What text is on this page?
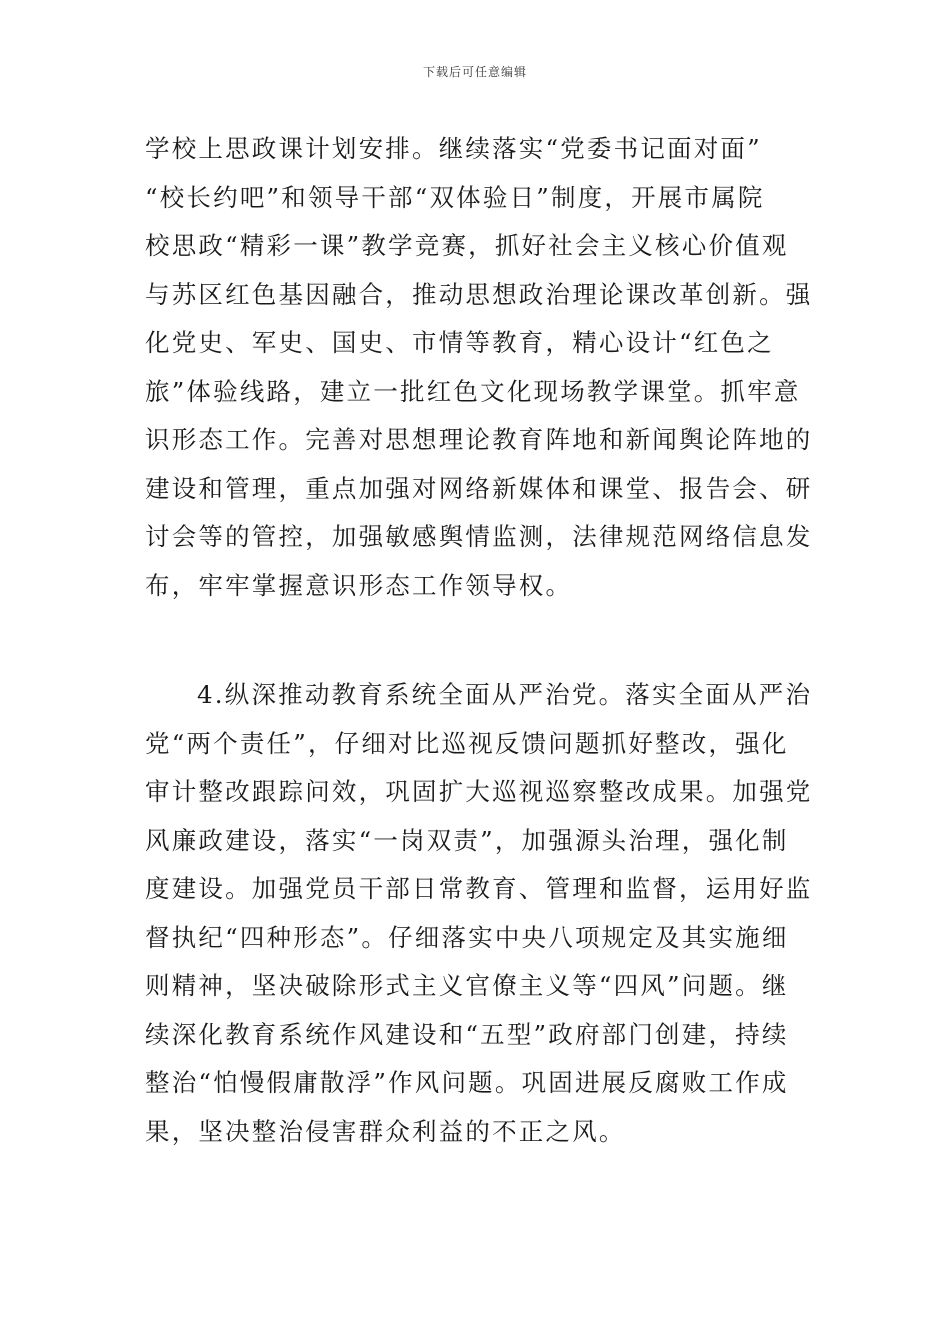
下载后可任意编辑
学校上思政课计划安排。继续落实“党委书记面对面”
“校长约吧”和领导干部“双体验日”制度，开展市属院
校思政“精彩一课”教学竞赛，抓好社会主义核心价值观
与苏区红色基因融合，推动思想政治理论课改革创新。强
化党史、军史、国史、市情等教育，精心设计“红色之
旅”体验线路，建立一批红色文化现场教学课堂。抓牢意
识形态工作。完善对思想理论教育阵地和新闻舆论阵地的
建设和管理，重点加强对网络新媒体和课堂、报告会、研
讨会等的管控，加强敏感舆情监测，法律规范网络信息发
布，牢牢掌握意识形态工作领导权。
4.纵深推动教育系统全面从严治党。落实全面从严治
党“两个责任”，仔细对比巡视反馈问题抓好整改，强化
审计整改跟踪问效，巩固扩大巡视巡察整改成果。加强党
风廉政建设，落实“一岗双责”，加强源头治理，强化制
度建设。加强党员干部日常教育、管理和监督，运用好监
督执纪“四种形态”。仔细落实中央八项规定及其实施细
则精神，坚决破除形式主义官僚主义等“四风”问题。继
续深化教育系统作风建设和“五型”政府部门创建，持续
整治“怕慢假庸散浮”作风问题。巩固进展反腐败工作成
果，坚决整治侵害群众利益的不正之风。
